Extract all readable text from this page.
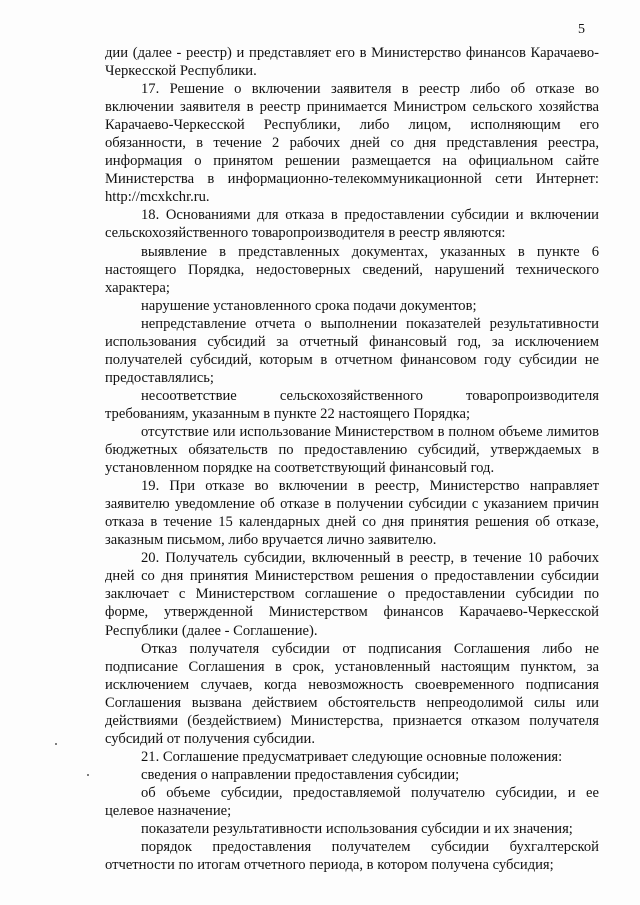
5

дии (далее - реестр) и представляет его в Министерство финансов Карачаево-Черкесской Республики.

17. Решение о включении заявителя в реестр либо об отказе во включении заявителя в реестр принимается Министром сельского хозяйства Карачаево-Черкесской Республики, либо лицом, исполняющим его обязанности, в течение 2 рабочих дней со дня представления реестра, информация о принятом решении размещается на официальном сайте Министерства в информационно-телекоммуникационной сети Интернет: http://mcxkchr.ru.

18. Основаниями для отказа в предоставлении субсидии и включении сельскохозяйственного товаропроизводителя в реестр являются:

выявление в представленных документах, указанных в пункте 6 настоящего Порядка, недостоверных сведений, нарушений технического характера;

нарушение установленного срока подачи документов;

непредставление отчета о выполнении показателей результативности использования субсидий за отчетный финансовый год, за исключением получателей субсидий, которым в отчетном финансовом году субсидии не предоставлялись;

несоответствие сельскохозяйственного товаропроизводителя требованиям, указанным в пункте 22 настоящего Порядка;

отсутствие или использование Министерством в полном объеме лимитов бюджетных обязательств по предоставлению субсидий, утверждаемых в установленном порядке на соответствующий финансовый год.

19. При отказе во включении в реестр, Министерство направляет заявителю уведомление об отказе в получении субсидии с указанием причин отказа в течение 15 календарных дней со дня принятия решения об отказе, заказным письмом, либо вручается лично заявителю.

20. Получатель субсидии, включенный в реестр, в течение 10 рабочих дней со дня принятия Министерством решения о предоставлении субсидии заключает с Министерством соглашение о предоставлении субсидии по форме, утвержденной Министерством финансов Карачаево-Черкесской Республики (далее - Соглашение).

Отказ получателя субсидии от подписания Соглашения либо не подписание Соглашения в срок, установленный настоящим пунктом, за исключением случаев, когда невозможность своевременного подписания Соглашения вызвана действием обстоятельств непреодолимой силы или действиями (бездействием) Министерства, признается отказом получателя субсидий от получения субсидии.

21. Соглашение предусматривает следующие основные положения:

сведения о направлении предоставления субсидии;

об объеме субсидии, предоставляемой получателю субсидии, и ее целевое назначение;

показатели результативности использования субсидии и их значения;

порядок предоставления получателем субсидии бухгалтерской отчетности по итогам отчетного периода, в котором получена субсидия;
